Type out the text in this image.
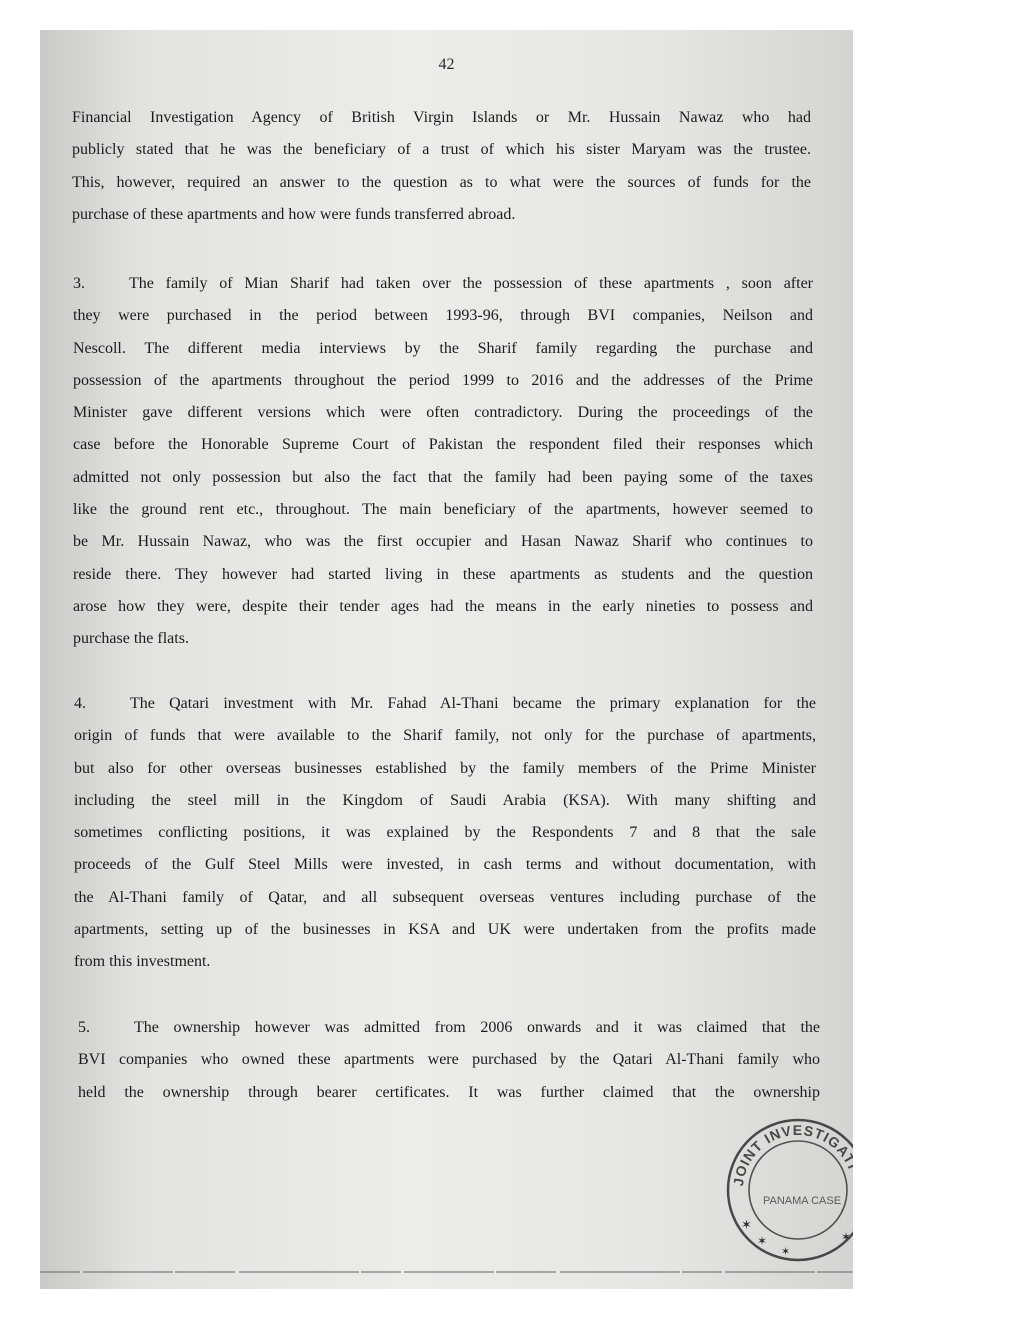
42
Financial Investigation Agency of British Virgin Islands or Mr. Hussain Nawaz who had
publicly stated that he was the beneficiary of a trust of which his sister Maryam was the trustee.
This, however, required an answer to the question as to what were the sources of funds for the
purchase of these apartments and how were funds transferred abroad.
3.	The family of Mian Sharif had taken over the possession of these apartments , soon after
they were purchased in the period between 1993-96, through BVI companies, Neilson and
Nescoll. The different media interviews by the Sharif family regarding the purchase and
possession of the apartments throughout the period 1999 to 2016 and the addresses of the Prime
Minister gave different versions which were often contradictory. During the proceedings of the
case before the Honorable Supreme Court of Pakistan the respondent filed their responses which
admitted not only possession but also the fact that the family had been paying some of the taxes
like the ground rent etc., throughout. The main beneficiary of the apartments, however seemed to
be Mr. Hussain Nawaz, who was the first occupier and Hasan Nawaz Sharif who continues to
reside there. They however had started living in these apartments as students and the question
arose how they were, despite their tender ages had the means in the early nineties to possess and
purchase the flats.
4.	The Qatari investment with Mr. Fahad Al-Thani became the primary explanation for the
origin of funds that were available to the Sharif family, not only for the purchase of apartments,
but also for other overseas businesses established by the family members of the Prime Minister
including the steel mill in the Kingdom of Saudi Arabia (KSA). With many shifting and
sometimes conflicting positions, it was explained by the Respondents 7 and 8 that the sale
proceeds of the Gulf Steel Mills were invested, in cash terms and without documentation, with
the Al-Thani family of Qatar, and all subsequent overseas ventures including purchase of the
apartments, setting up of the businesses in KSA and UK were undertaken from the profits made
from this investment.
5.	The ownership however was admitted from 2006 onwards and it was claimed that the
BVI companies who owned these apartments were purchased by the Qatari Al-Thani family who
held the ownership through bearer certificates. It was further claimed that the ownership
JOINT INVESTIGATI
PANAMA CASE
✶
✶
✶
✶
